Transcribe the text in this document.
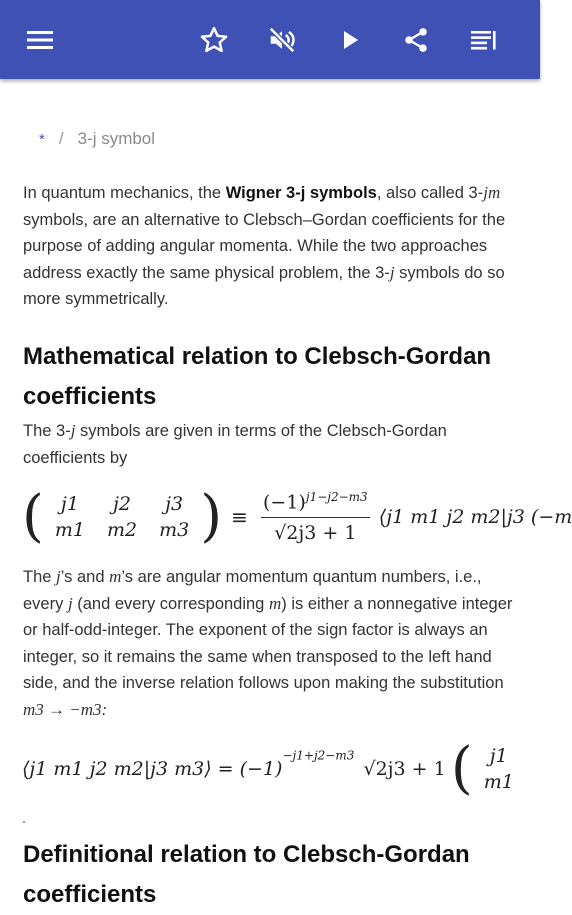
* / 3-j symbol
In quantum mechanics, the Wigner 3-j symbols, also called 3-jm symbols, are an alternative to Clebsch–Gordan coefficients for the purpose of adding angular momenta. While the two approaches address exactly the same physical problem, the 3-j symbols do so more symmetrically.
Mathematical relation to Clebsch-Gordan coefficients
The 3-j symbols are given in terms of the Clebsch-Gordan coefficients by
( j1	j2	j3
m1	m2	m3 ) ≡ $\frac{(-1)^{j1-j2-m3}}{√2j3 + 1}$ ⟨j1 m1 j2 m2|j3 (−m
The j’s and m’s are angular momentum quantum numbers, i.e., every j (and every corresponding m) is either a nonnegative integer or half-odd-integer. The exponent of the sign factor is always an integer, so it remains the same when transposed to the left hand side, and the inverse relation follows upon making the substitution m3 → −m3:
⟨j1 m1 j2 m2|j3 m3⟩ = $(-1)^{-j1+j2-m3}$ √2j3 + 1 ( j1
m1
Definitional relation to Clebsch-Gordan coefficients
